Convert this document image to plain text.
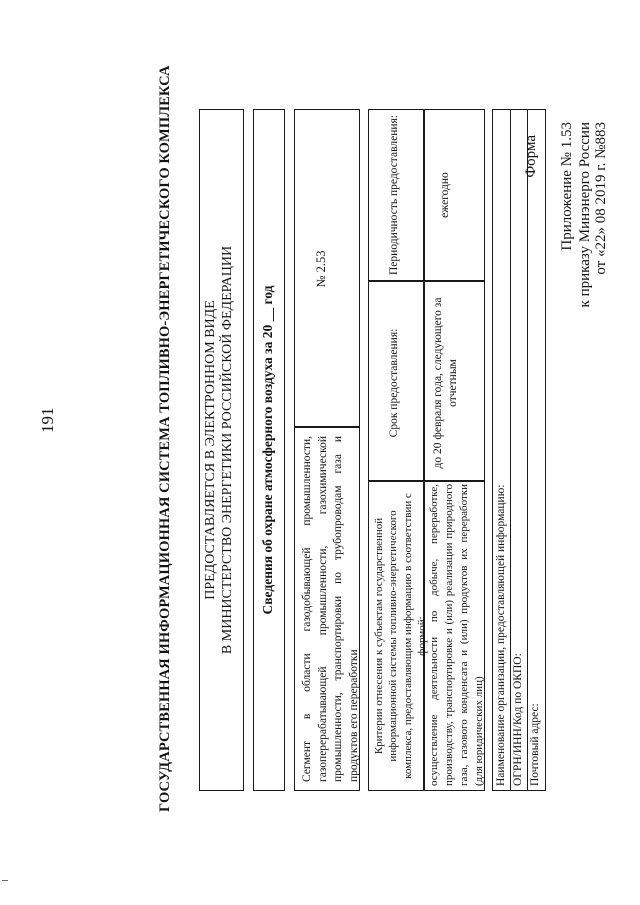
191
Приложение № 1.53 к приказу Минэнерго России от «22» 08 2019 г. №883
Форма
ГОСУДАРСТВЕННАЯ ИНФОРМАЦИОННАЯ СИСТЕМА ТОПЛИВНО-ЭНЕРГЕТИЧЕСКОГО КОМПЛЕКСА ПРЕДОСТАВЛЯЕТСЯ В ЭЛЕКТРОННОМ ВИДЕ В МИНИСТЕРСТВО ЭНЕРГЕТИКИ РОССИЙСКОЙ ФЕДЕРАЦИИ Сведения об охране атмосферного воздуха за 20 __ год Сегмент в области газодобывающей промышленности, газоперерабатывающей промышленности, газохимической промышленности, транспортировки по трубопроводам газа и продуктов его переработки
№ 2.53
Критерии отнесения к субъектам государственной информационной системы топливно-энергетического комплекса, предоставляющим информацию в соответствии с формой: осуществление деятельности по добыче, переработке, производству, транспортировке и (или) реализации природного газа, газового конденсата и (или) продуктов их переработки (для юридических лиц)
Срок предоставления:	до 20 февраля года, следующего за отчетным
Периодичность предоставления:	ежегодно
Наименование организации, предоставляющей информацию: ОГРН/ИНН/Код по ОКПО: Почтовый адрес:
